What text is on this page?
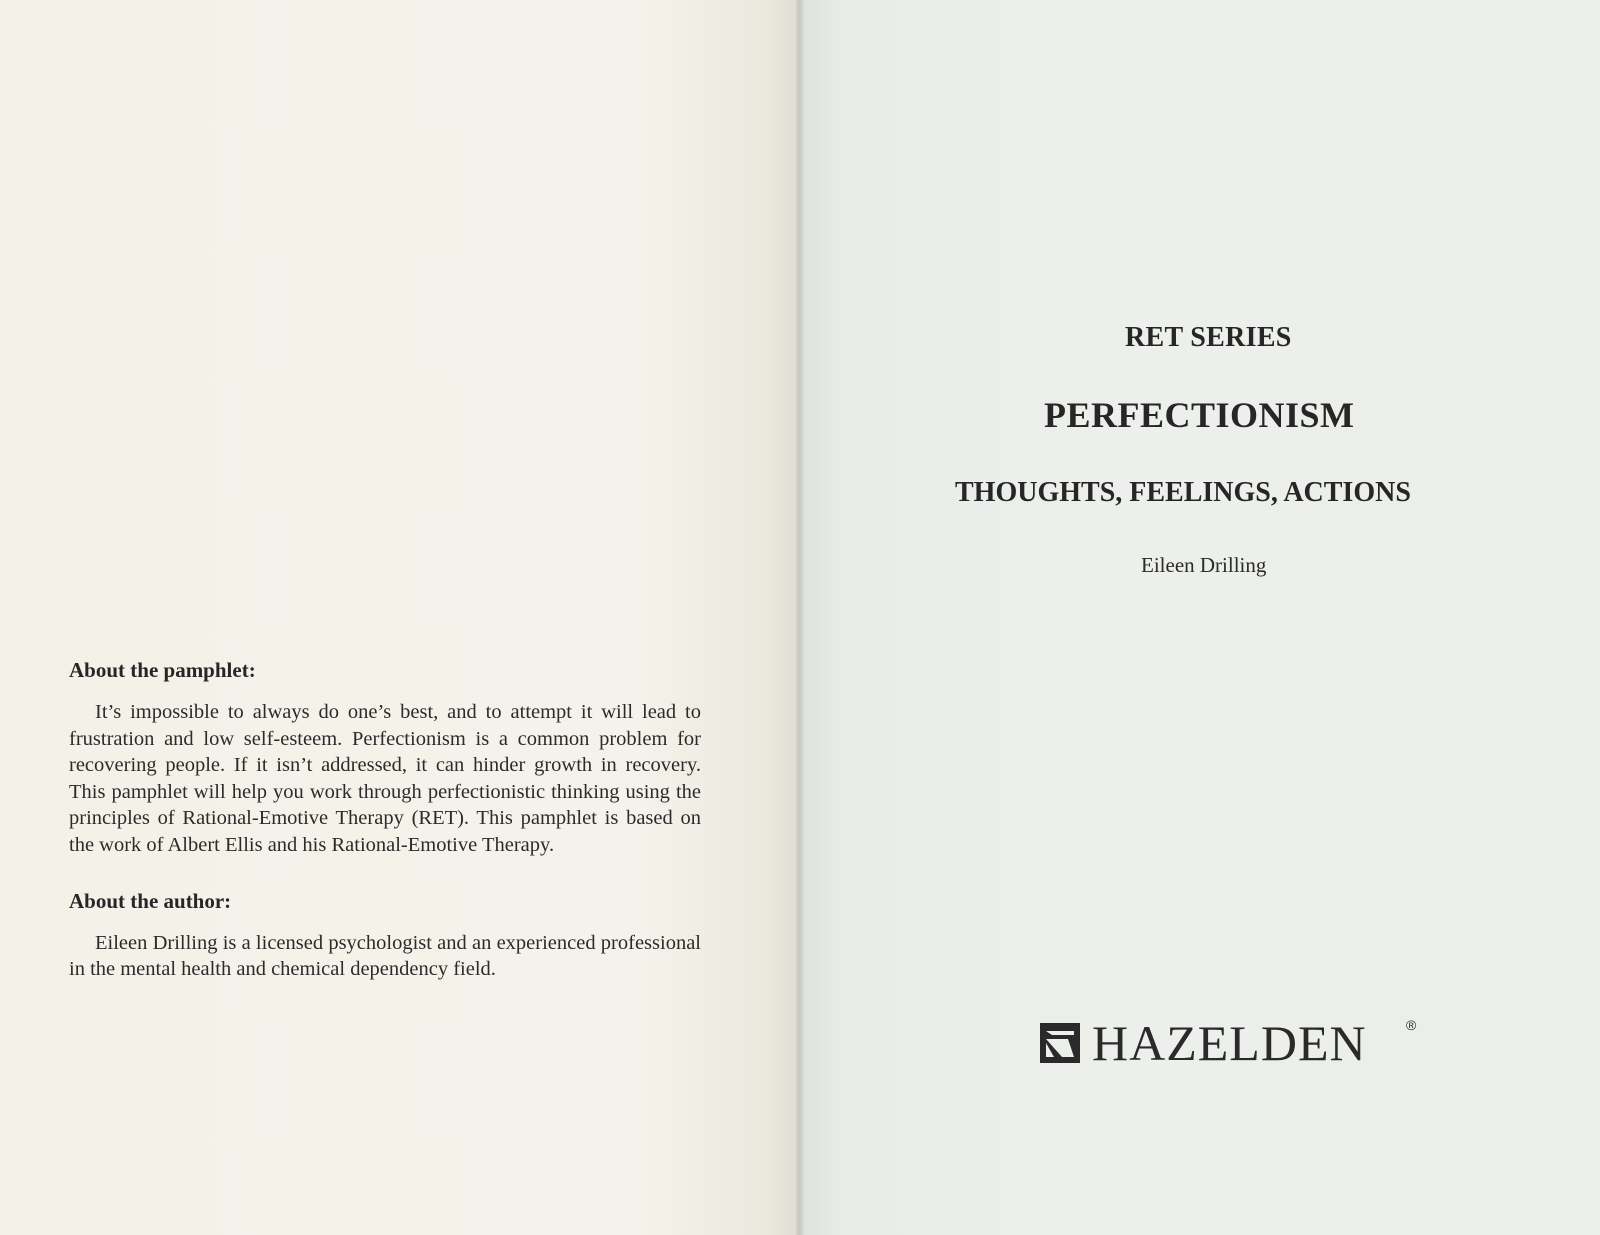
About the pamphlet:

It’s impossible to always do one’s best, and to attempt it will lead to frustration and low self-esteem. Perfectionism is a common problem for recovering people. If it isn’t addressed, it can hinder growth in recovery. This pamphlet will help you work through perfectionistic thinking using the principles of Rational-Emotive Therapy (RET). This pamphlet is based on the work of Albert Ellis and his Rational-Emotive Therapy.

About the author:

Eileen Drilling is a licensed psychologist and an experienced professional in the mental health and chemical dependency field.

RET SERIES
PERFECTIONISM
THOUGHTS, FEELINGS, ACTIONS
Eileen Drilling
HAZELDEN	®
